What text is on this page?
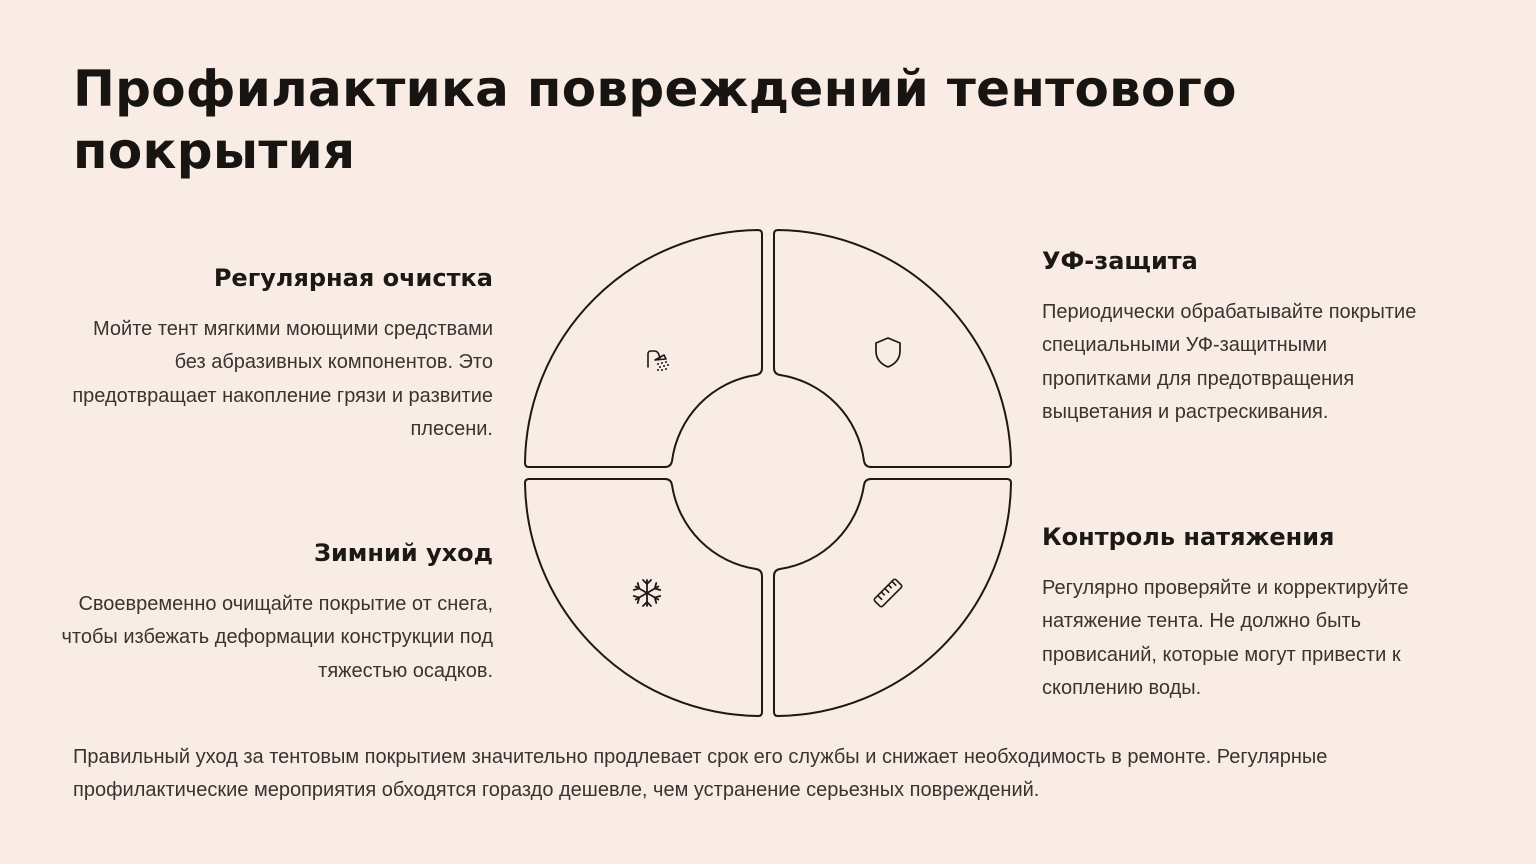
Профилактика повреждений тентового покрытия
Регулярная очистка

Мойте тент мягкими моющими средствами без абразивных компонентов. Это предотвращает накопление грязи и развитие плесени.

УФ-защита

Периодически обрабатывайте покрытие специальными УФ-защитными пропитками для предотвращения выцветания и растрескивания.

Зимний уход

Своевременно очищайте покрытие от снега, чтобы избежать деформации конструкции под тяжестью осадков.

Контроль натяжения

Регулярно проверяйте и корректируйте натяжение тента. Не должно быть провисаний, которые могут привести к скоплению воды.

Правильный уход за тентовым покрытием значительно продлевает срок его службы и снижает необходимость в ремонте. Регулярные профилактические мероприятия обходятся гораздо дешевле, чем устранение серьезных повреждений.
